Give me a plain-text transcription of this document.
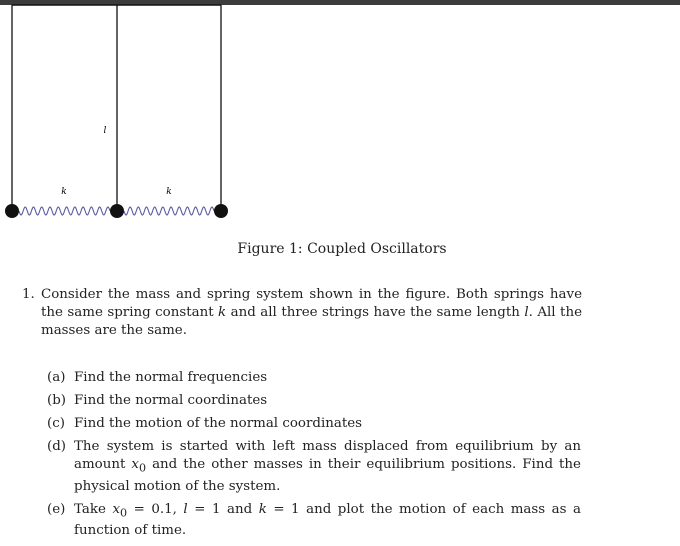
l
k	k
Figure 1: Coupled Oscillators
1. Consider the mass and spring system shown in the figure. Both springs have the same spring constant k and all three strings have the same length l. All the masses are the same.
(a) Find the normal frequencies
(b) Find the normal coordinates
(c) Find the motion of the normal coordinates
(d) The system is started with left mass displaced from equilibrium by an amount $x_0$ and the other masses in their equilibrium positions. Find the physical motion of the system.
(e) Take $x_0 = 0.1$, l = 1 and k = 1 and plot the motion of each mass as a function of time.
